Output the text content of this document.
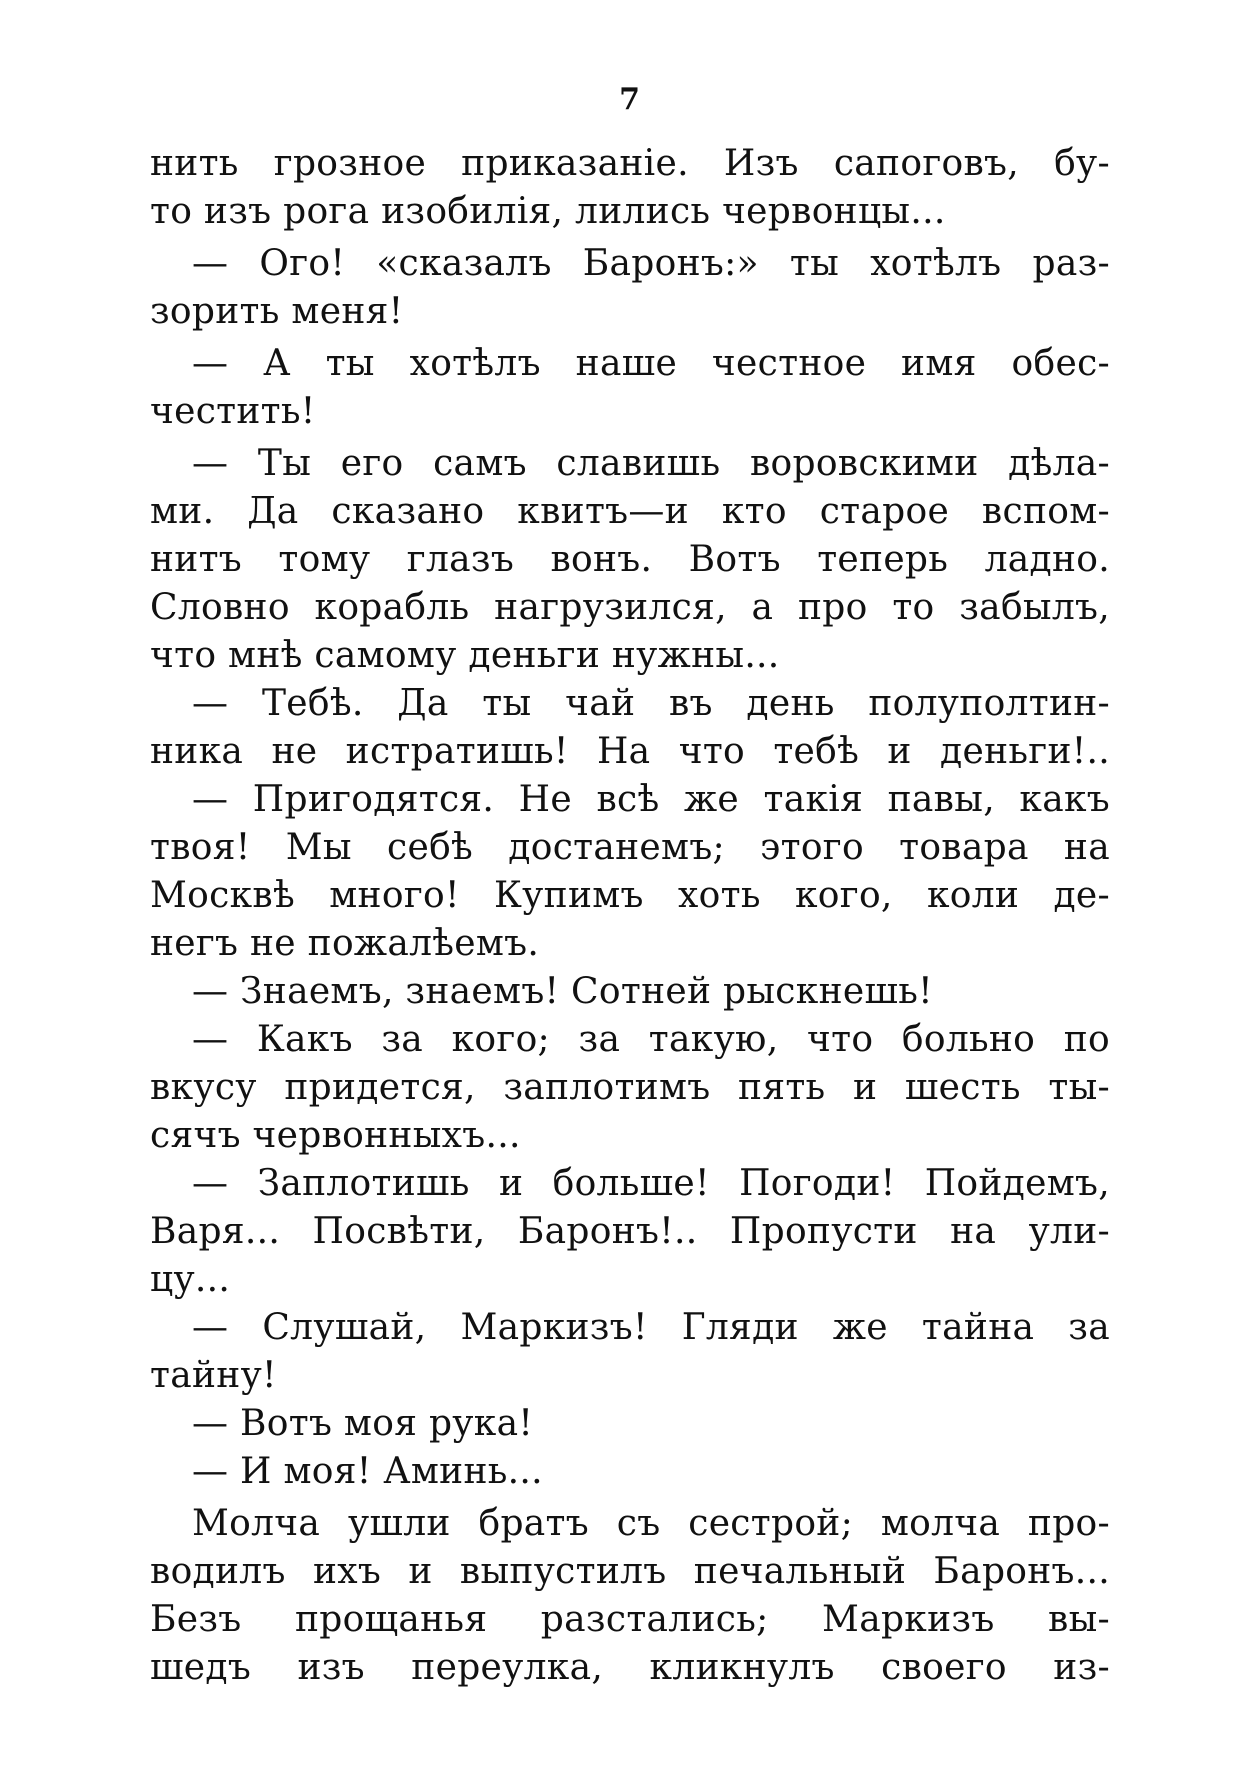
7
нить грозное приказаніе. Изъ сапоговъ, бу-
то изъ рога изобилія, лились червонцы...
— Ого! «сказалъ Баронъ:» ты хотѣлъ раз-
зорить меня!
— А ты хотѣлъ наше честное имя обес-
честить!
— Ты его самъ славишь воровскими дѣла-
ми. Да сказано квитъ—и кто старое вспом-
нитъ тому глазъ вонъ. Вотъ теперь ладно.
Словно корабль нагрузился, а про то забылъ,
что мнѣ самому деньги нужны...
— Тебѣ. Да ты чай въ день полуполтин-
ника не истратишь! На что тебѣ и деньги!..
— Пригодятся. Не всѣ же такія павы, какъ
твоя! Мы себѣ достанемъ; этого товара на
Москвѣ много! Купимъ хоть кого, коли де-
негъ не пожалѣемъ.
— Знаемъ, знаемъ! Сотней рыскнешь!
— Какъ за кого; за такую, что больно по
вкусу придется, заплотимъ пять и шесть ты-
сячъ червонныхъ...
— Заплотишь и больше! Погоди! Пойдемъ,
Варя... Посвѣти, Баронъ!.. Пропусти на ули-
цу...
— Слушай, Маркизъ! Гляди же тайна за
тайну!
— Вотъ моя рука!
— И моя! Аминь...
Молча ушли братъ съ сестрой; молча про-
водилъ ихъ и выпустилъ печальный Баронъ...
Безъ прощанья разстались; Маркизъ вы-
шедъ изъ переулка, кликнулъ своего из-
